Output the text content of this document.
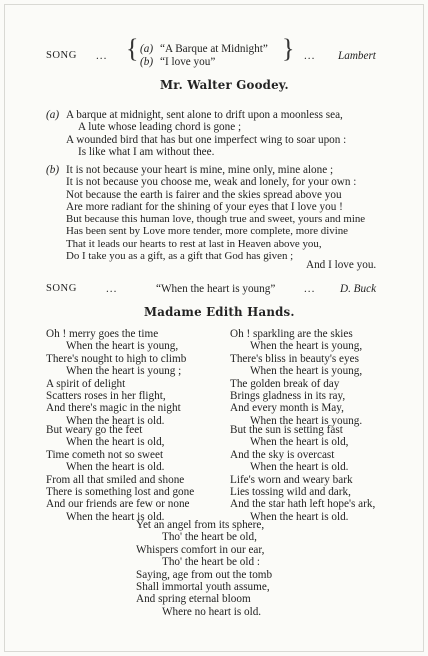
SONG ... { (a) “A Barque at Midnight”
(b) “I love you”	} ... Lambert
Mr. Walter Goodey.
(a) A barque at midnight, sent alone to drift upon a moonless sea,
A lute whose leading chord is gone ;
A wounded bird that has but one imperfect wing to soar upon :
Is like what I am without thee.
(b) It is not because your heart is mine, mine only, mine alone ;
It is not because you choose me, weak and lonely, for your own :
Not because the earth is fairer and the skies spread above you
Are more radiant for the shining of your eyes that I love you !
But because this human love, though true and sweet, yours and mine
Has been sent by Love more tender, more complete, more divine
That it leads our hearts to rest at last in Heaven above you,
Do I take you as a gift, as a gift that God has given ;
And I love you.
SONG	...	“When the heart is young”	... D. Buck
Madame Edith Hands.
Oh ! merry goes the time
When the heart is young,
There's nought to high to climb
When the heart is young ;
A spirit of delight
Scatters roses in her flight,
And there's magic in the night
When the heart is old.
But weary go the feet
When the heart is old,
Time cometh not so sweet
When the heart is old.
From all that smiled and shone
There is something lost and gone
And our friends are few or none
When the heart is old.
Oh ! sparkling are the skies
When the heart is young,
There's bliss in beauty's eyes
When the heart is young,
The golden break of day
Brings gladness in its ray,
And every month is May,
When the heart is young.
But the sun is setting fast
When the heart is old,
And the sky is overcast
When the heart is old.
Life's worn and weary bark
Lies tossing wild and dark,
And the star hath left hope's ark,
When the heart is old.
Yet an angel from its sphere,
Tho' the heart be old,
Whispers comfort in our ear,
Tho' the heart be old :
Saying, age from out the tomb
Shall immortal youth assume,
And spring eternal bloom
Where no heart is old.
